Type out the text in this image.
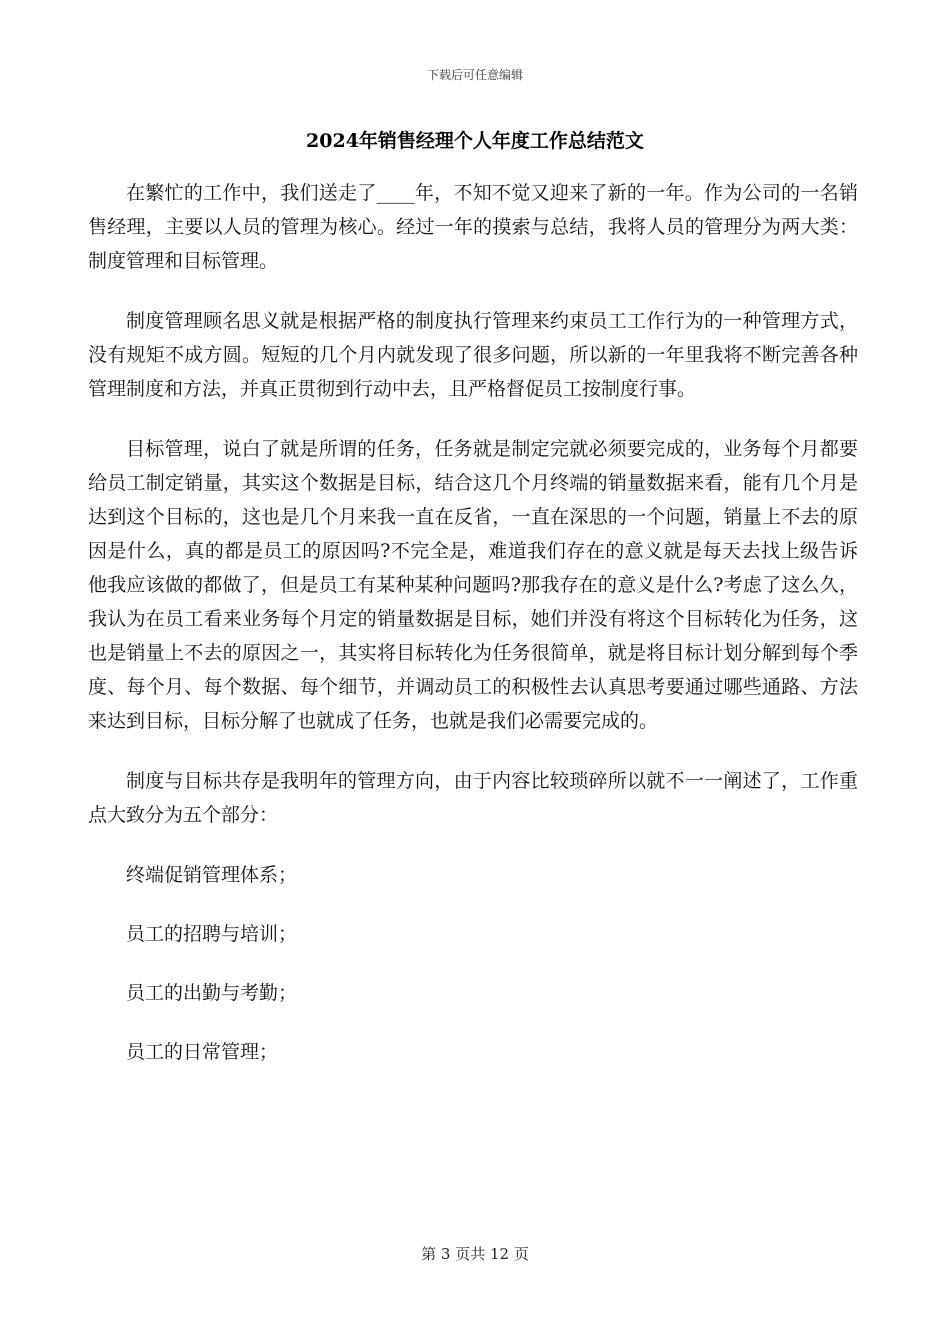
下载后可任意编辑
2024年销售经理个人年度工作总结范文

在繁忙的工作中，我们送走了____年，不知不觉又迎来了新的一年。作为公司的一名销售经理，主要以人员的管理为核心。经过一年的摸索与总结，我将人员的管理分为两大类：制度管理和目标管理。

制度管理顾名思义就是根据严格的制度执行管理来约束员工工作行为的一种管理方式，没有规矩不成方圆。短短的几个月内就发现了很多问题，所以新的一年里我将不断完善各种管理制度和方法，并真正贯彻到行动中去，且严格督促员工按制度行事。

目标管理，说白了就是所谓的任务，任务就是制定完就必须要完成的，业务每个月都要给员工制定销量，其实这个数据是目标，结合这几个月终端的销量数据来看，能有几个月是达到这个目标的，这也是几个月来我一直在反省，一直在深思的一个问题，销量上不去的原因是什么，真的都是员工的原因吗?不完全是，难道我们存在的意义就是每天去找上级告诉他我应该做的都做了，但是员工有某种某种问题吗?那我存在的意义是什么?考虑了这么久，我认为在员工看来业务每个月定的销量数据是目标，她们并没有将这个目标转化为任务，这也是销量上不去的原因之一，其实将目标转化为任务很简单，就是将目标计划分解到每个季度、每个月、每个数据、每个细节，并调动员工的积极性去认真思考要通过哪些通路、方法来达到目标，目标分解了也就成了任务，也就是我们必需要完成的。

制度与目标共存是我明年的管理方向，由于内容比较琐碎所以就不一一阐述了，工作重点大致分为五个部分：

终端促销管理体系；

员工的招聘与培训；

员工的出勤与考勤；

员工的日常管理；

第 3 页共 12 页
